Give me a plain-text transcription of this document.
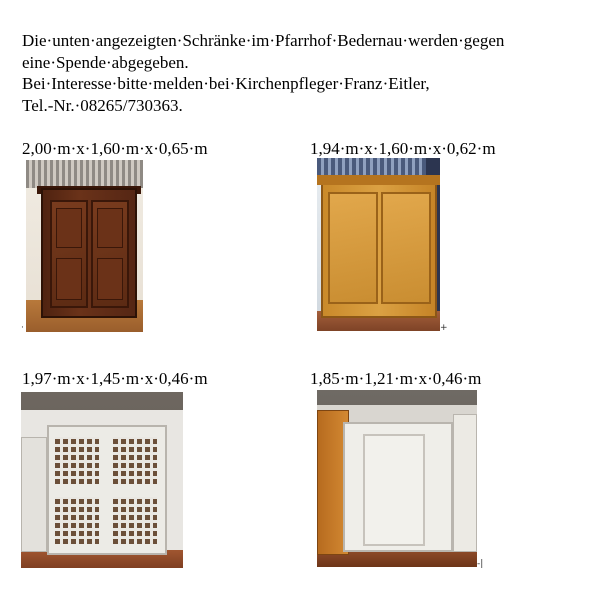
Die·unten·angezeigten·Schränke·im·Pfarrhof·Bedernau·werden·gegen
eine·Spende·abgegeben.
Bei·Interesse·bitte·melden·bei·Kirchenpfleger·Franz·Eitler,
Tel.-Nr.·08265/730363.
2,00·m·x·1,60·m·x·0,65·m
·
1,94·m·x·1,60·m·x·0,62·m
+
1,97·m·x·1,45·m·x·0,46·m	1,85·m·1,21·m·x·0,46·m
-|
